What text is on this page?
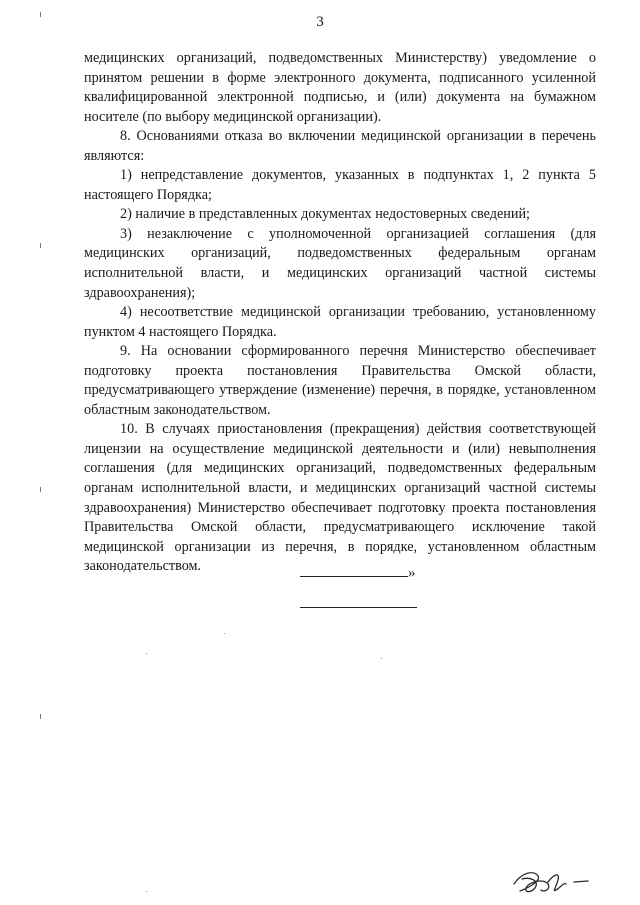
3

медицинских организаций, подведомственных Министерству) уведомление о принятом решении в форме электронного документа, подписанного усиленной квалифицированной электронной подписью, и (или) документа на бумажном носителе (по выбору медицинской организации).

8. Основаниями отказа во включении медицинской организации в перечень являются:

1) непредставление документов, указанных в подпунктах 1, 2 пункта 5 настоящего Порядка;

2) наличие в представленных документах недостоверных сведений;

3) незаключение с уполномоченной организацией соглашения (для медицинских организаций, подведомственных федеральным органам исполнительной власти, и медицинских организаций частной системы здравоохранения);

4) несоответствие медицинской организации требованию, установленному пунктом 4 настоящего Порядка.

9. На основании сформированного перечня Министерство обеспечивает подготовку проекта постановления Правительства Омской области, предусматривающего утверждение (изменение) перечня, в порядке, установленном областным законодательством.

10. В случаях приостановления (прекращения) действия соответствующей лицензии на осуществление медицинской деятельности и (или) невыполнения соглашения (для медицинских организаций, подведомственных федеральным органам исполнительной власти, и медицинских организаций частной системы здравоохранения) Министерство обеспечивает подготовку проекта постановления Правительства Омской области, предусматривающего исключение такой медицинской организации из перечня, в порядке, установленном областным законодательством.	»
